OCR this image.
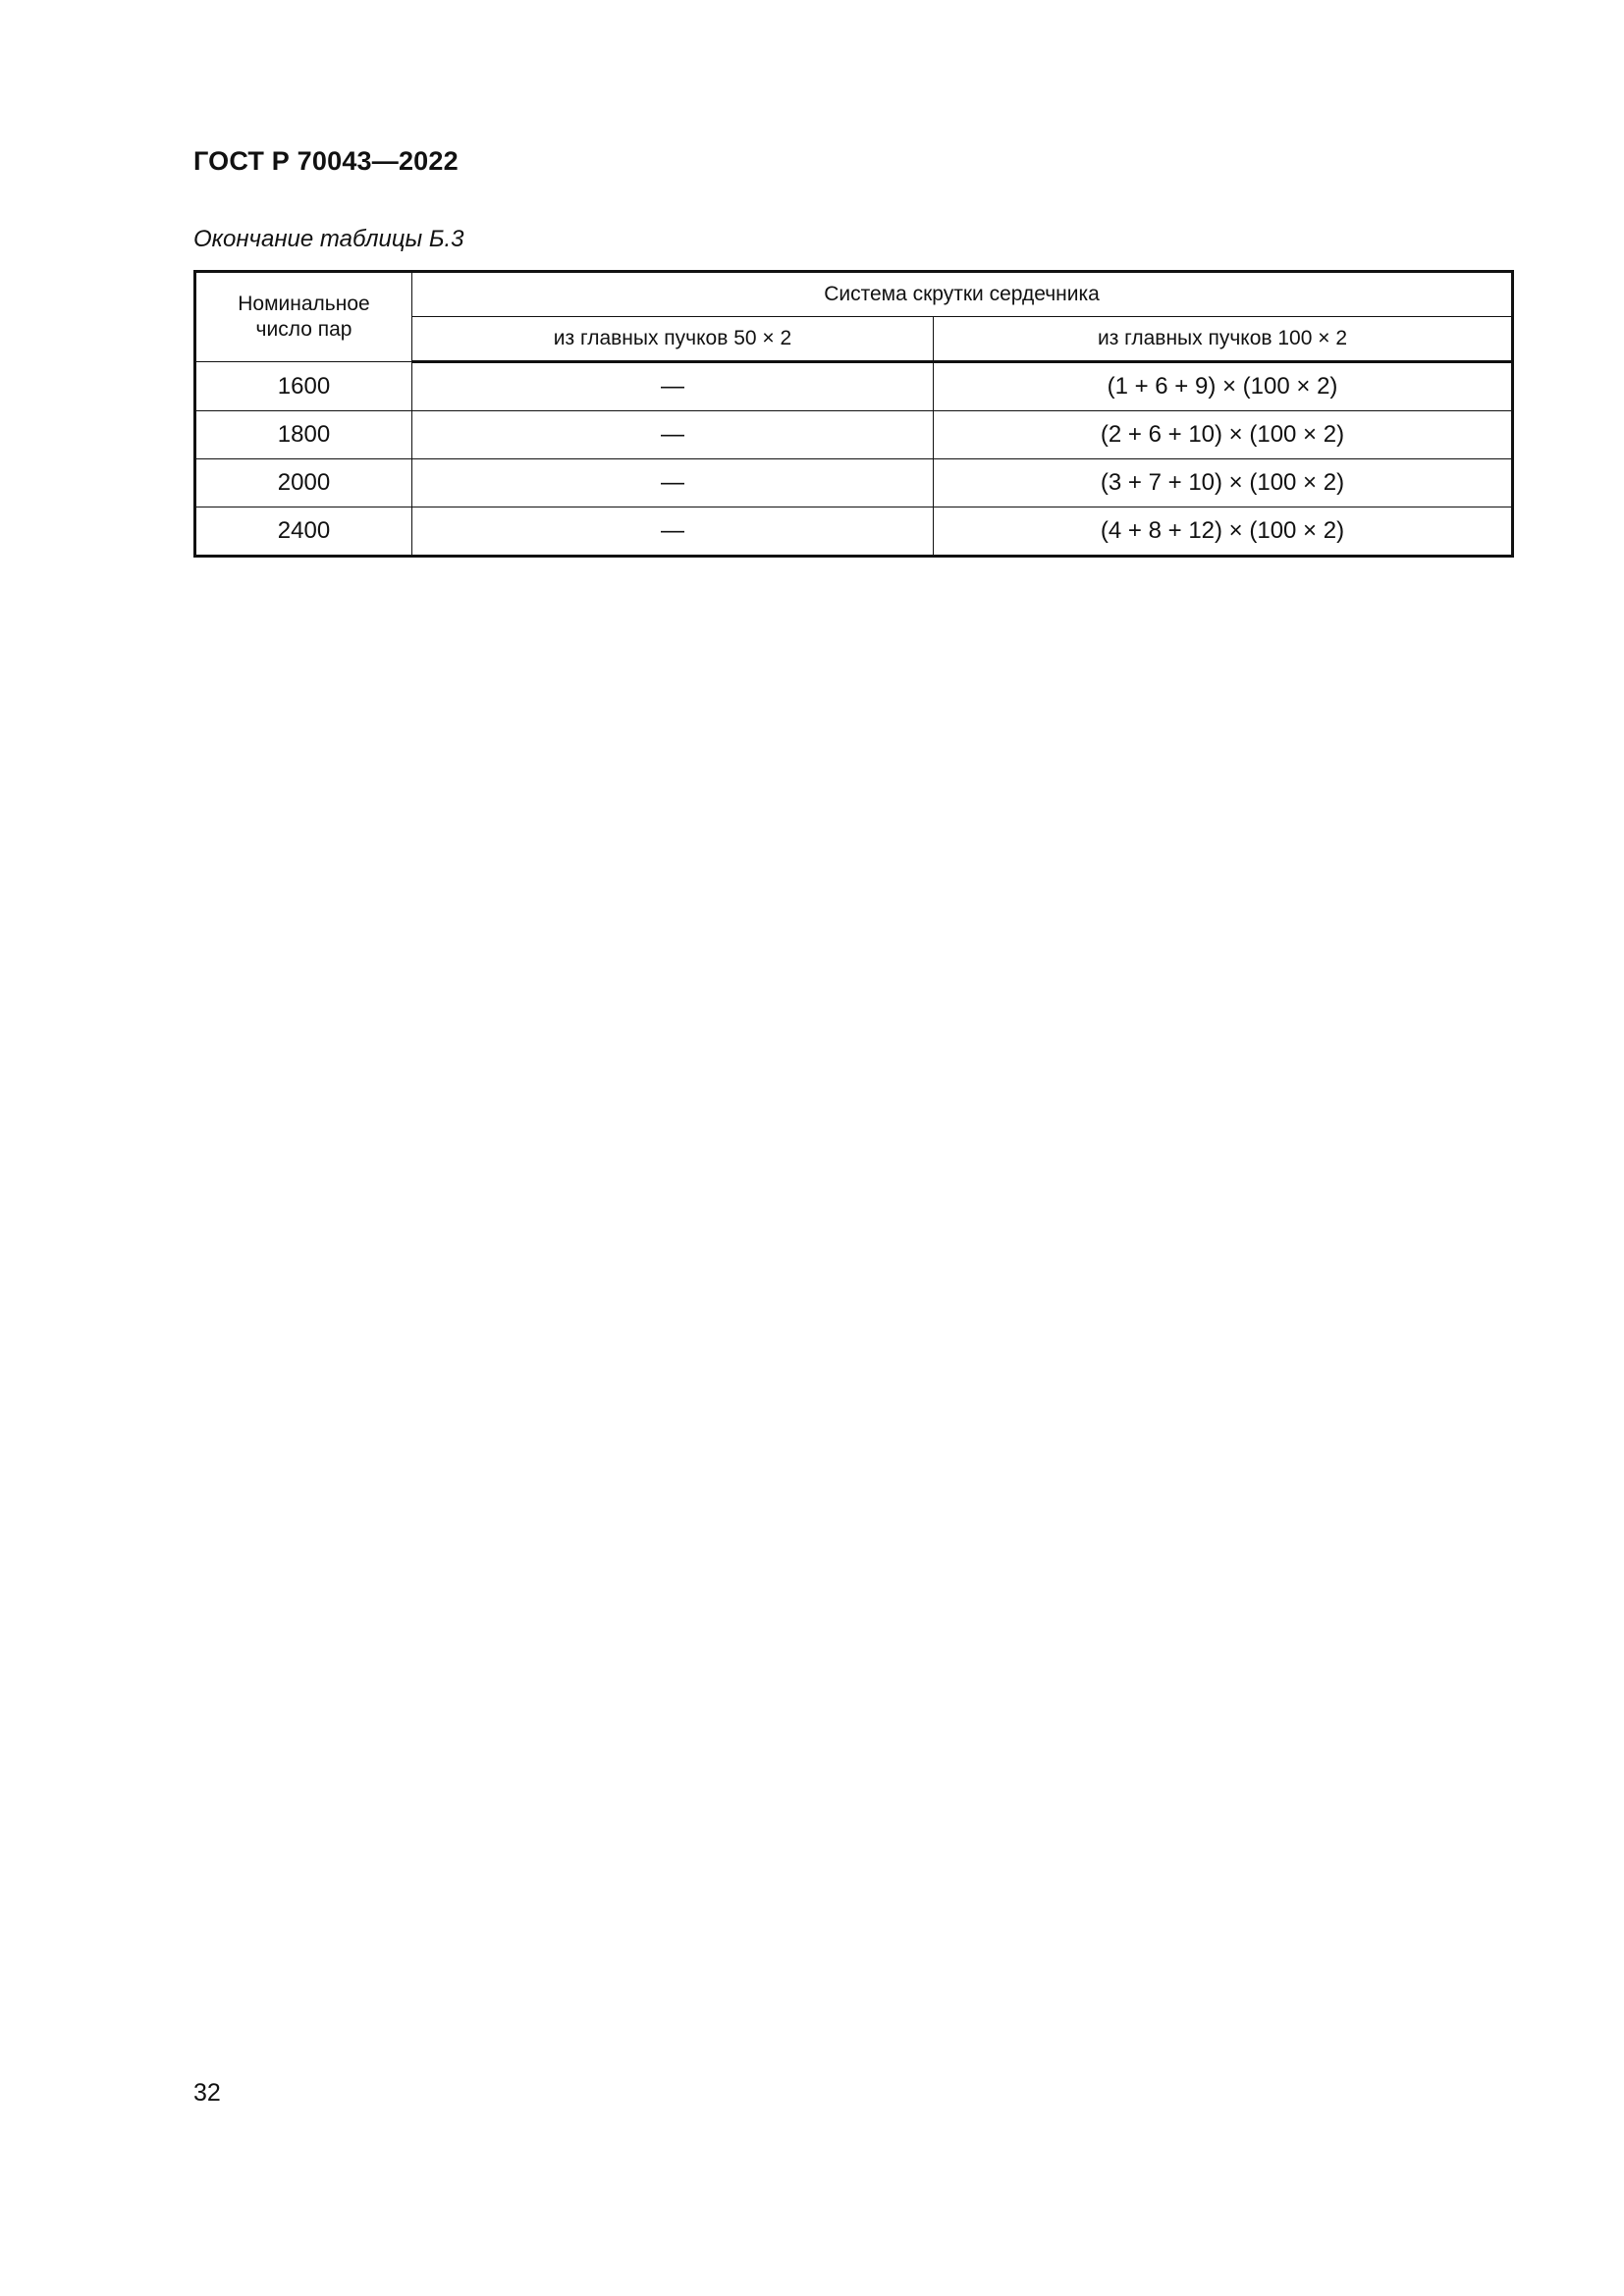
ГОСТ Р 70043—2022
Окончание таблицы Б.3
Номинальное число пар	Система скрутки сердечника	
	из главных пучков 50 × 2	из главных пучков 100 × 2
1600	—	(1 + 6 + 9) × (100 × 2)
1800	—	(2 + 6 + 10) × (100 × 2)
2000	—	(3 + 7 + 10) × (100 × 2)
2400	—	(4 + 8 + 12) × (100 × 2)
32
